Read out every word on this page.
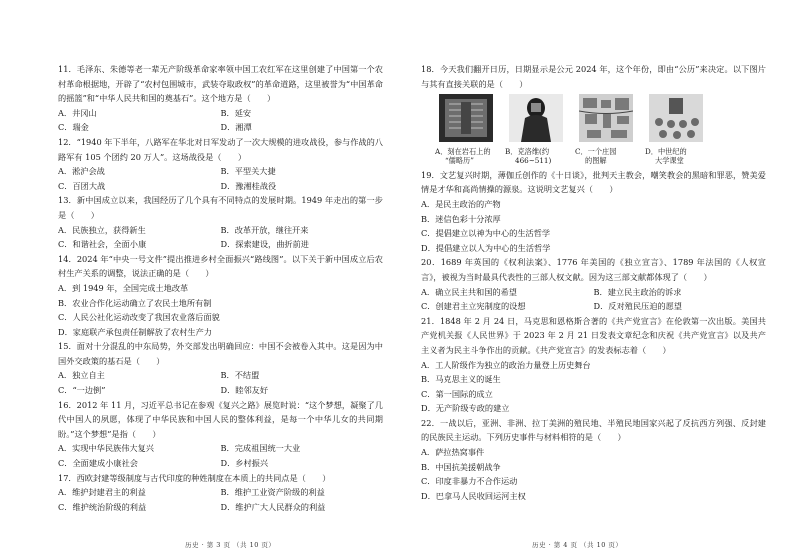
11．毛泽东、朱德等老一辈无产阶级革命家率领中国工农红军在这里创建了中国第一个农村革命根据地，开辟了“农村包围城市，武装夺取政权”的革命道路，这里被誉为“中国革命的摇篮”和“中华人民共和国的奠基石”。这个地方是（　　）
A．井冈山	B．延安
C．瑞金	D．湘潭
12．“1940 年下半年，八路军在华北对日军发动了一次大规模的进攻战役，参与作战的八路军有 105 个团约 20 万人”。这场战役是（　　）
A．淞沪会战	B．平型关大捷
C．百团大战	D．豫湘桂战役
13．新中国成立以来，我国经历了几个具有不同特点的发展时期。1949 年走出的第一步是（　　）
A．民族独立，获得新生	B．改革开放，继往开来
C．和谐社会，全面小康	D．探索建设，曲折前进
14．2024 年“中央一号文件”提出推进乡村全面振兴“路线图”。以下关于新中国成立后农村生产关系的调整，说法正确的是（　　）
A．到 1949 年，全国完成土地改革
B．农业合作化运动确立了农民土地所有制
C．人民公社化运动改变了我国农业落后面貌
D．家庭联产承包责任制解放了农村生产力
15．面对十分混乱的中东局势，外交部发出明确回应：中国不会被卷入其中。这是因为中国外交政策的基石是（　　）
A．独立自主	B．不结盟
C．“一边倒”	D．睦邻友好
16．2012 年 11 月，习近平总书记在参观《复兴之路》展览时说：“这个梦想，凝聚了几代中国人的夙愿，体现了中华民族和中国人民的整体利益，是每一个中华儿女的共同期盼。”这个梦想”是指（　　）
A．实现中华民族伟大复兴	B．完成祖国统一大业
C．全面建成小康社会	D．乡村振兴
17．西欧封建等级制度与古代印度的种姓制度在本质上的共同点是（　　）
A．维护封建君主的利益	B．维护工业资产阶级的利益
C．维护统治阶级的利益	D．维护广大人民群众的利益
历史 · 第 3 页 （共 10 页）
18．今天我们翻开日历，日期显示是公元 2024 年，这个年份，即由“公历”来决定。以下图片与其有直接关联的是（　　）
A．刻在岩石上的
“儒略历”
B．克洛维(约
466~511)
C．一个庄园
的图解
D．中世纪的
大学课堂
19．文艺复兴时期，薄伽丘创作的《十日谈》，批判天主教会，嘲笑教会的黑暗和罪恶，赞美爱情是才华和高尚情操的源泉。这说明文艺复兴（　　）
A．是民主政治的产物
B．迷信色彩十分浓厚
C．提倡建立以神为中心的生活哲学
D．提倡建立以人为中心的生活哲学
20．1689 年英国的《权利法案》、1776 年美国的《独立宣言》、1789 年法国的《人权宣言》，被视为当时最具代表性的三部人权文献。因为这三部文献都体现了（　　）
A．确立民主共和国的希望	B．建立民主政治的诉求
C．创建君主立宪制度的设想	D．反对殖民压迫的愿望
21．1848 年 2 月 24 日，马克思和恩格斯合著的《共产党宣言》在伦敦第一次出版。美国共产党机关报《人民世界》于 2023 年 2 月 21 日发表文章纪念和庆祝《共产党宣言》以及共产主义者为民主斗争作出的贡献。《共产党宣言》的发表标志着（　　）
A．工人阶级作为独立的政治力量登上历史舞台
B．马克思主义的诞生
C．第一国际的成立
D．无产阶级专政的建立
22．一战以后，亚洲、非洲、拉丁美洲的殖民地、半殖民地国家兴起了反抗西方列强、反封建的民族民主运动。下列历史事件与材料相符的是（　　）
A．萨拉热窝事件
B．中国抗美援朝战争
C．印度非暴力不合作运动
D．巴拿马人民收回运河主权
历史 · 第 4 页 （共 10 页）
